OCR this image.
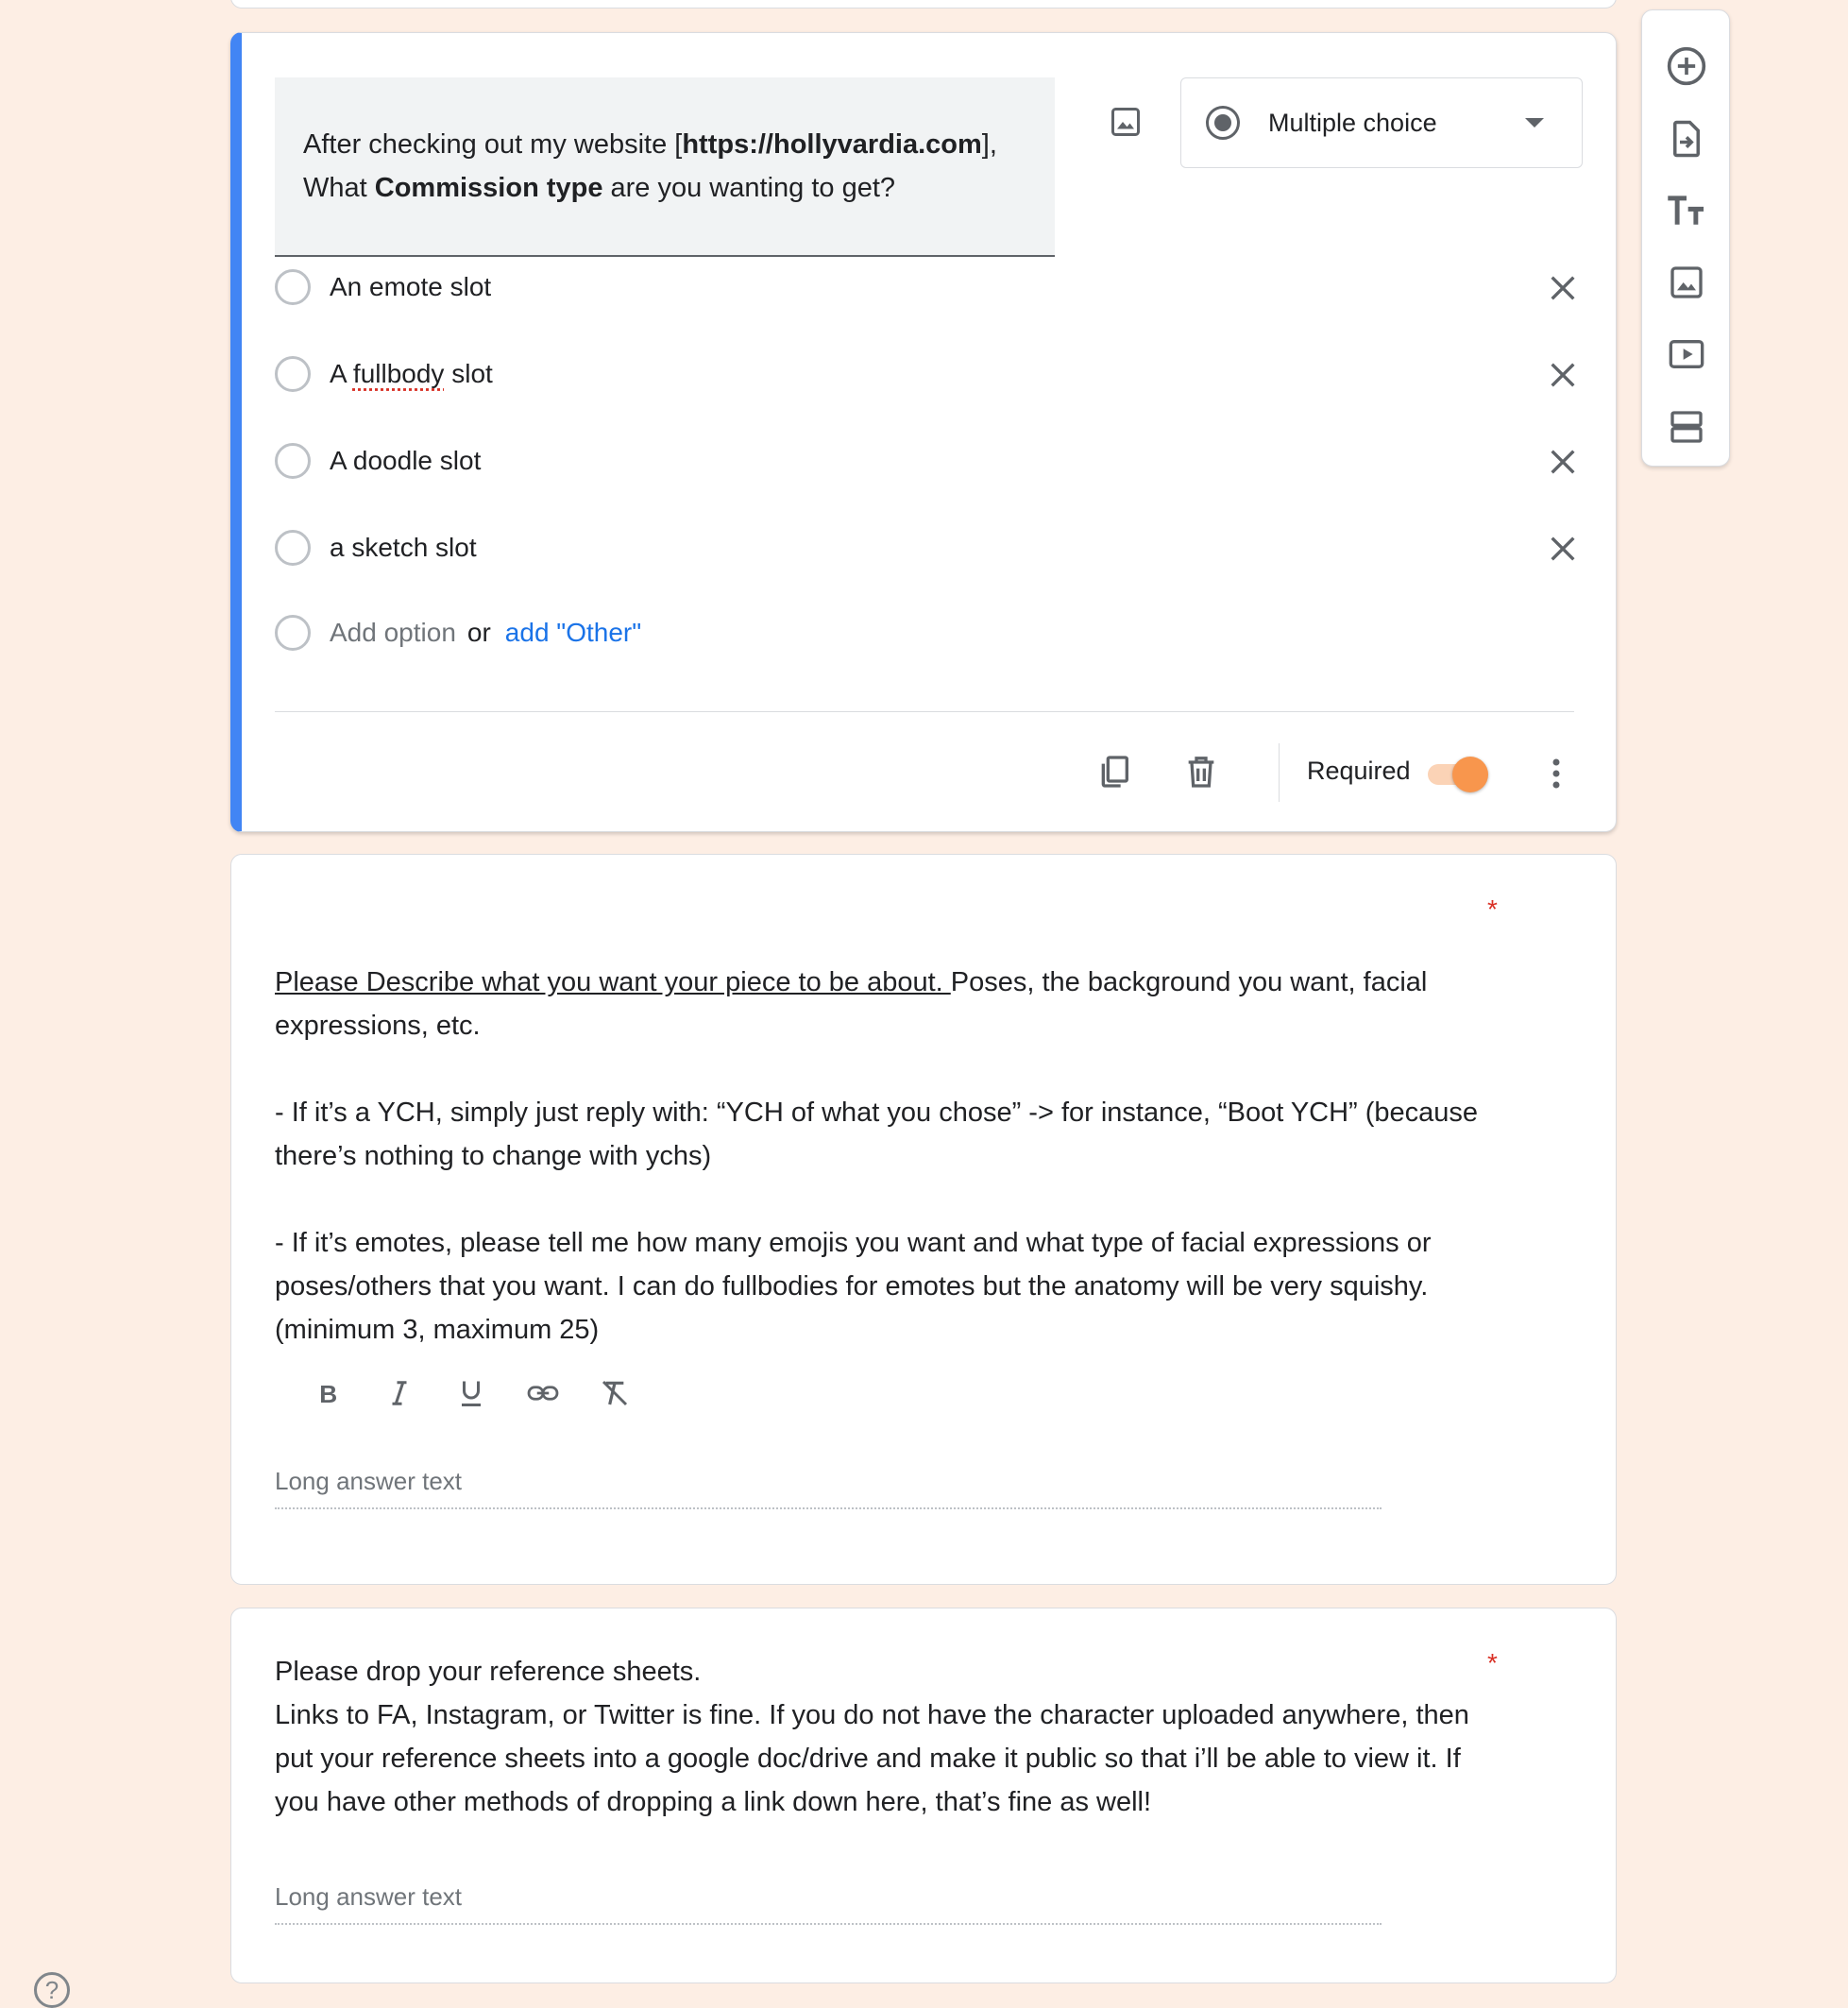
After checking out my website [https://hollyvardia.com],
What Commission type are you wanting to get?
Multiple choice
An emote slot
A fullbody slot
A doodle slot
a sketch slot
Add option or add "Other"
Required
*

Please Describe what you want your piece to be about. Poses, the background you want, facial expressions, etc.

- If it’s a YCH, simply just reply with: “YCH of what you chose” -> for instance, “Boot YCH” (because there’s nothing to change with ychs)

- If it’s emotes, please tell me how many emojis you want and what type of facial expressions or poses/others that you want. I can do fullbodies for emotes but the anatomy will be very squishy. (minimum 3, maximum 25)

B
Long answer text
*

Please drop your reference sheets.

Links to FA, Instagram, or Twitter is fine. If you do not have the character uploaded anywhere, then put your reference sheets into a google doc/drive and make it public so that i’ll be able to view it. If you have other methods of dropping a link down here, that’s fine as well!

Long answer text
?
